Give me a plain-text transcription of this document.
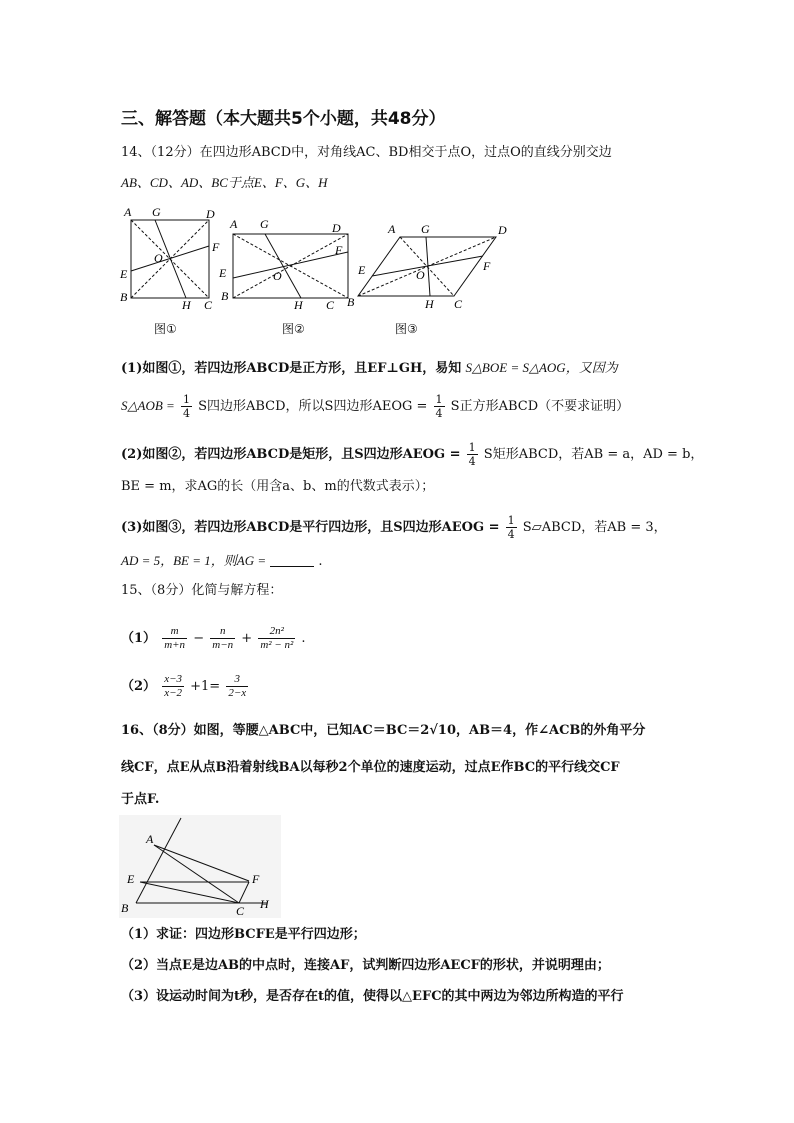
三、解答题（本大题共5个小题，共48分）
14、（12分）在四边形ABCD中，对角线AC、BD相交于点O，过点O的直线分别交边
AB、CD、AD、BC于点E、F、G、H
A G	D
F
O
E
B
H C
图①
A G	D
F
O
E
B
H C
图②
A G	D
F
O
E
B	H C
图③
(1)如图①，若四边形ABCD是正方形，且EF⊥GH，易知 S△BOE = S△AOG，又因为
S△AOB = $\frac{1}{4}$ S四边形ABCD，所以S四边形AEOG = $\frac{1}{4}$ S正方形ABCD（不要求证明）
(2)如图②，若四边形ABCD是矩形，且S四边形AEOG = $\frac{1}{4}$ S矩形ABCD，若AB = a，AD = b，
BE = m，求AG的长（用含a、b、m的代数式表示）；
(3)如图③，若四边形ABCD是平行四边形，且S四边形AEOG = $\frac{1}{4}$ S▱ABCD，若AB = 3，
AD = 5，BE = 1，则AG =	.
15、（8分）化简与解方程：
$(1) \frac{m}{m+n} - \frac{n}{m-n} + \frac{\text{2n²}}{\text{m² − n²}}$ .
$(2) \frac{x-3}{x-2} +1= \frac{3}{2-x}$
16、（8分）如图，等腰△ABC中，已知AC＝BC＝2√10，AB＝4，作∠ACB的外角平分
线CF，点E从点B沿着射线BA以每秒2个单位的速度运动，过点E作BC的平行线交CF
于点F.
A
E
B
F
C H
（1）求证：四边形BCFE是平行四边形；
（2）当点E是边AB的中点时，连接AF，试判断四边形AECF的形状，并说明理由；
（3）设运动时间为t秒，是否存在t的值，使得以△EFC的其中两边为邻边所构造的平行
